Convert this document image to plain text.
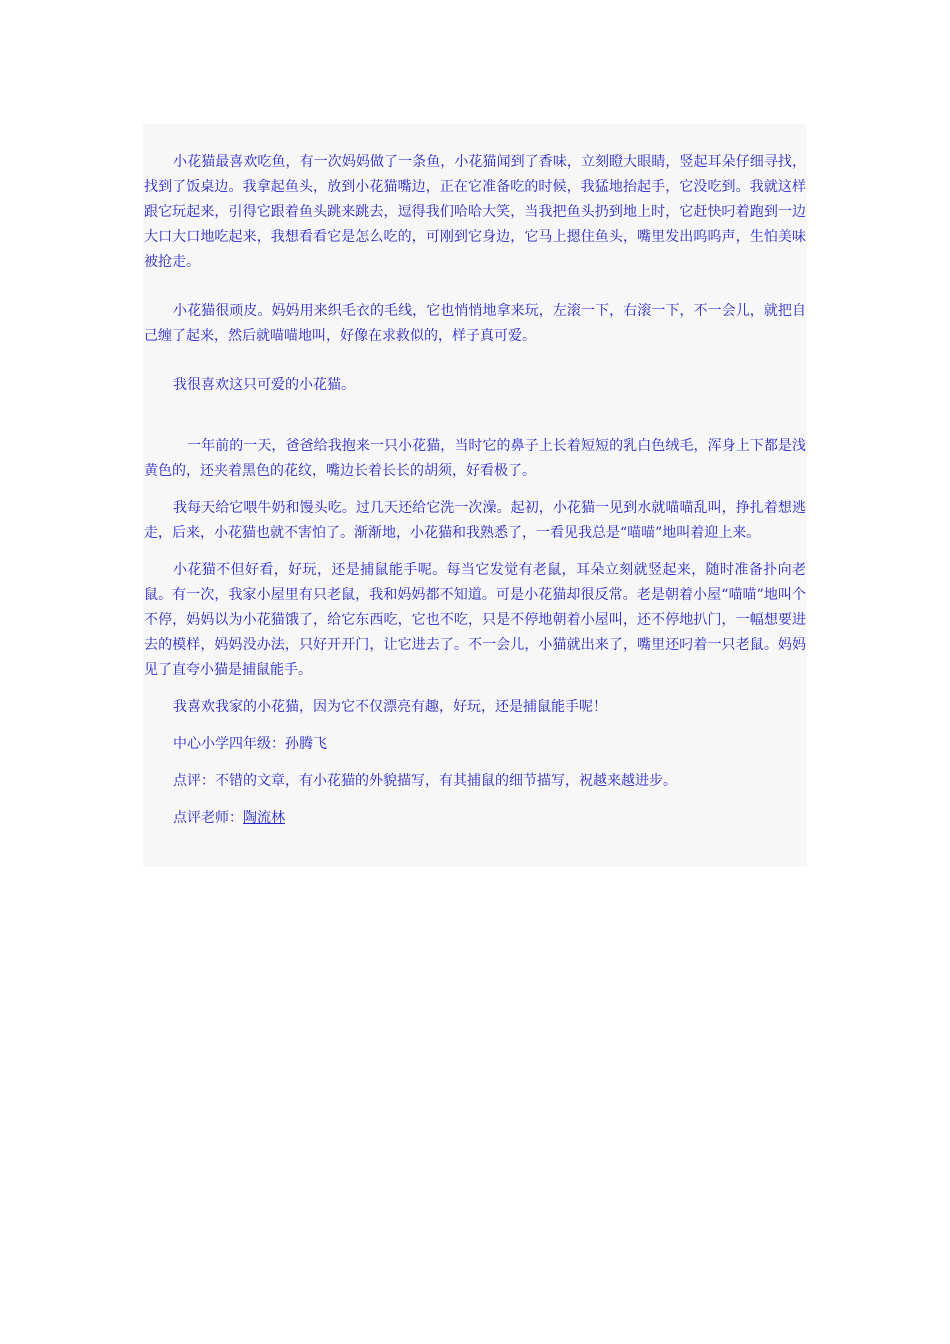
小花猫最喜欢吃鱼，有一次妈妈做了一条鱼，小花猫闻到了香味，立刻瞪大眼睛，竖起耳朵仔细寻找，找到了饭桌边。我拿起鱼头，放到小花猫嘴边，正在它准备吃的时候，我猛地抬起手，它没吃到。我就这样跟它玩起来，引得它跟着鱼头跳来跳去，逗得我们哈哈大笑，当我把鱼头扔到地上时，它赶快叼着跑到一边大口大口地吃起来，我想看看它是怎么吃的，可刚到它身边，它马上摁住鱼头，嘴里发出呜呜声，生怕美味被抢走。

小花猫很顽皮。妈妈用来织毛衣的毛线，它也悄悄地拿来玩，左滚一下，右滚一下，不一会儿，就把自己缠了起来，然后就喵喵地叫，好像在求救似的，样子真可爱。

我很喜欢这只可爱的小花猫。

一年前的一天，爸爸给我抱来一只小花猫，当时它的鼻子上长着短短的乳白色绒毛，浑身上下都是浅黄色的，还夹着黑色的花纹，嘴边长着长长的胡须，好看极了。

我每天给它喂牛奶和馒头吃。过几天还给它洗一次澡。起初，小花猫一见到水就喵喵乱叫，挣扎着想逃走，后来，小花猫也就不害怕了。渐渐地，小花猫和我熟悉了，一看见我总是“喵喵”地叫着迎上来。

小花猫不但好看，好玩，还是捕鼠能手呢。每当它发觉有老鼠，耳朵立刻就竖起来，随时准备扑向老鼠。有一次，我家小屋里有只老鼠，我和妈妈都不知道。可是小花猫却很反常。老是朝着小屋“喵喵”地叫个不停，妈妈以为小花猫饿了，给它东西吃，它也不吃，只是不停地朝着小屋叫，还不停地扒门，一幅想要进去的模样，妈妈没办法，只好开开门，让它进去了。不一会儿，小猫就出来了，嘴里还叼着一只老鼠。妈妈见了直夸小猫是捕鼠能手。

我喜欢我家的小花猫，因为它不仅漂亮有趣，好玩，还是捕鼠能手呢！

中心小学四年级：孙腾飞

点评：不错的文章，有小花猫的外貌描写，有其捕鼠的细节描写，祝越来越进步。

点评老师：陶流林
